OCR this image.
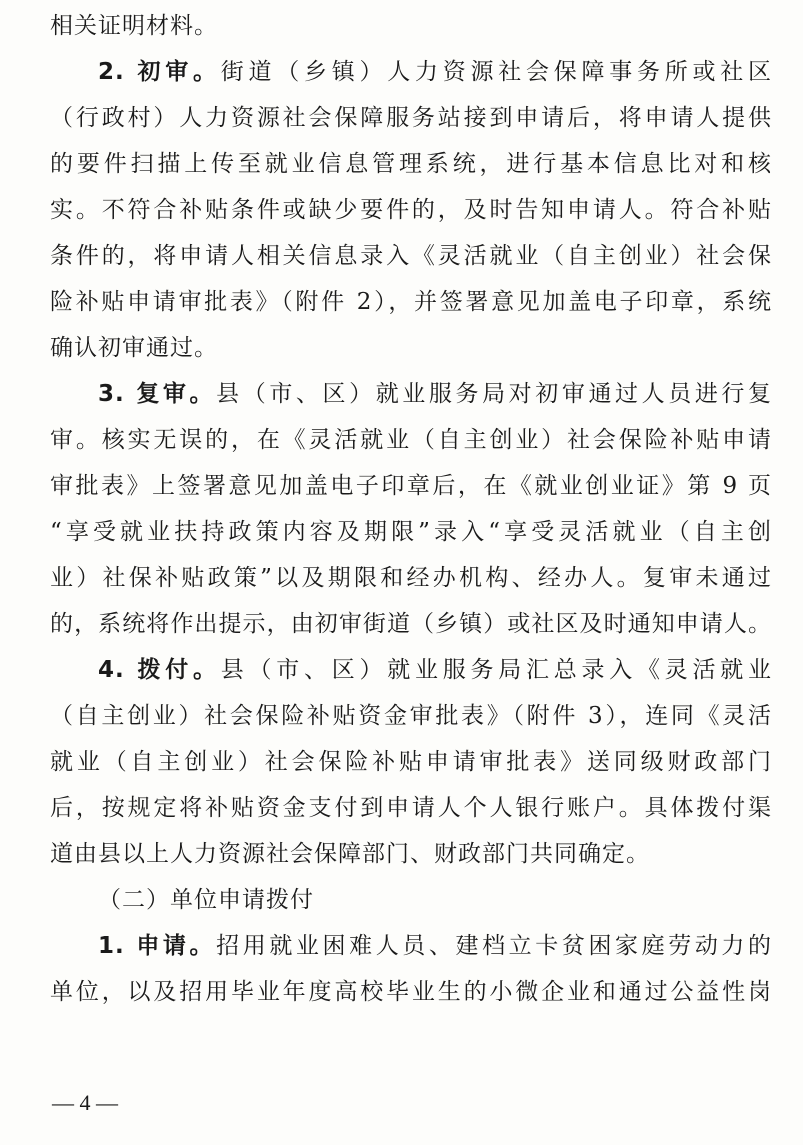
相关证明材料。
2. 初审。街道（乡镇）人力资源社会保障事务所或社区
（行政村）人力资源社会保障服务站接到申请后，将申请人提供
的要件扫描上传至就业信息管理系统，进行基本信息比对和核
实。不符合补贴条件或缺少要件的，及时告知申请人。符合补贴
条件的，将申请人相关信息录入《灵活就业（自主创业）社会保
险补贴申请审批表》（附件 2），并签署意见加盖电子印章，系统
确认初审通过。
3. 复审。县（市、区）就业服务局对初审通过人员进行复
审。核实无误的，在《灵活就业（自主创业）社会保险补贴申请
审批表》上签署意见加盖电子印章后，在《就业创业证》第 9 页
“享受就业扶持政策内容及期限”录入“享受灵活就业（自主创
业）社保补贴政策”以及期限和经办机构、经办人。复审未通过
的，系统将作出提示，由初审街道（乡镇）或社区及时通知申请人。
4. 拨付。县（市、区）就业服务局汇总录入《灵活就业
（自主创业）社会保险补贴资金审批表》（附件 3），连同《灵活
就业（自主创业）社会保险补贴申请审批表》送同级财政部门
后，按规定将补贴资金支付到申请人个人银行账户。具体拨付渠
道由县以上人力资源社会保障部门、财政部门共同确定。
（二）单位申请拨付
1. 申请。招用就业困难人员、建档立卡贫困家庭劳动力的
单位，以及招用毕业年度高校毕业生的小微企业和通过公益性岗
— 4 —
